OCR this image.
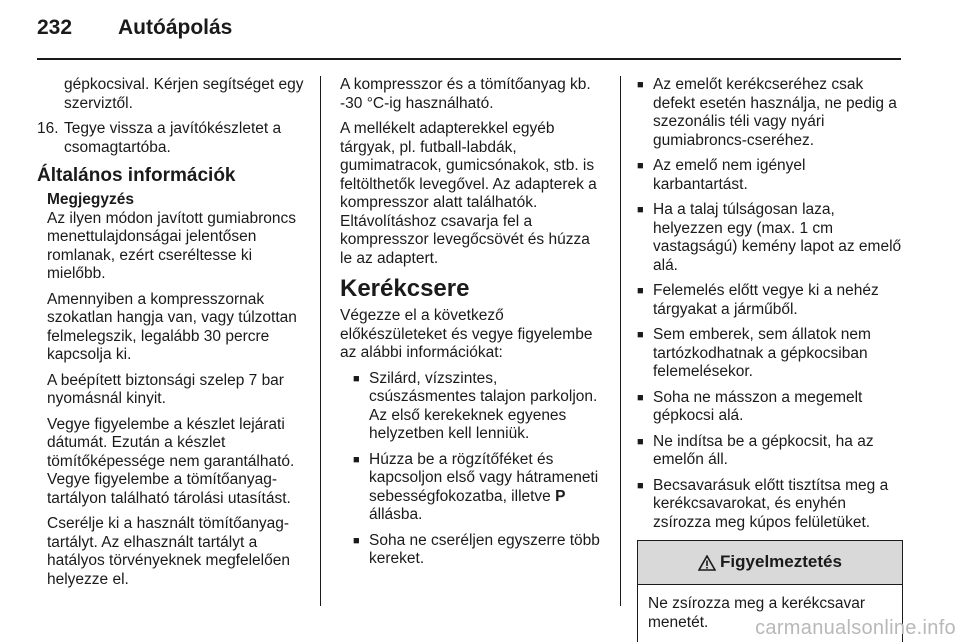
232 Autóápolás

gépkocsival. Kérjen segítséget egy szerviztől.

16. Tegye vissza a javítókészletet a csomagtartóba.
Általános információk
Megjegyzés

Az ilyen módon javított gumiabroncs menettulajdonságai jelentősen romlanak, ezért cseréltesse ki mielőbb.

Amennyiben a kompresszornak szokatlan hangja van, vagy túlzottan felmelegszik, legalább 30 percre kapcsolja ki.

A beépített biztonsági szelep 7 bar nyomásnál kinyit.

Vegye figyelembe a készlet lejárati dátumát. Ezután a készlet tömítőképessége nem garantálható. Vegye figyelembe a tömítőanyag-tartályon található tárolási utasítást.

Cserélje ki a használt tömítőanyag-tartályt. Az elhasznált tartályt a hatályos törvényeknek megfelelően helyezze el.

A kompresszor és a tömítőanyag kb. -30 °C-ig használható.

A mellékelt adapterekkel egyéb tárgyak, pl. futball-labdák, gumimatracok, gumicsónakok, stb. is feltölthetők levegővel. Az adapterek a kompresszor alatt találhatók. Eltávolításhoz csavarja fel a kompresszor levegőcsövét és húzza le az adaptert.

Kerékcsere

Végezze el a következő előkészületeket és vegye figyelembe az alábbi információkat:

■ Szilárd, vízszintes, csúszásmentes talajon parkoljon. Az első kerekeknek egyenes helyzetben kell lenniük.
■ Húzza be a rögzítőféket és kapcsoljon első vagy hátrameneti sebességfokozatba, illetve P
állásba.
■ Soha ne cseréljen egyszerre több kereket.
■ Az emelőt kerékcseréhez csak defekt esetén használja, ne pedig a szezonális téli vagy nyári gumiabroncs-cseréhez.
■ Az emelő nem igényel karbantartást.
■ Ha a talaj túlságosan laza, helyezzen egy (max. 1 cm vastagságú) kemény lapot az emelő alá.
■ Felemelés előtt vegye ki a nehéz tárgyakat a járműből.
■ Sem emberek, sem állatok nem tartózkodhatnak a gépkocsiban felemelésekor.
■ Soha ne másszon a megemelt gépkocsi alá.
■ Ne indítsa be a gépkocsit, ha az emelőn áll.
■ Becsavarásuk előtt tisztítsa meg a kerékcsavarokat, és enyhén zsírozza meg kúpos felületüket.
Figyelmeztetés
Ne zsírozza meg a kerékcsavar menetét.	carmanualsonline.info
